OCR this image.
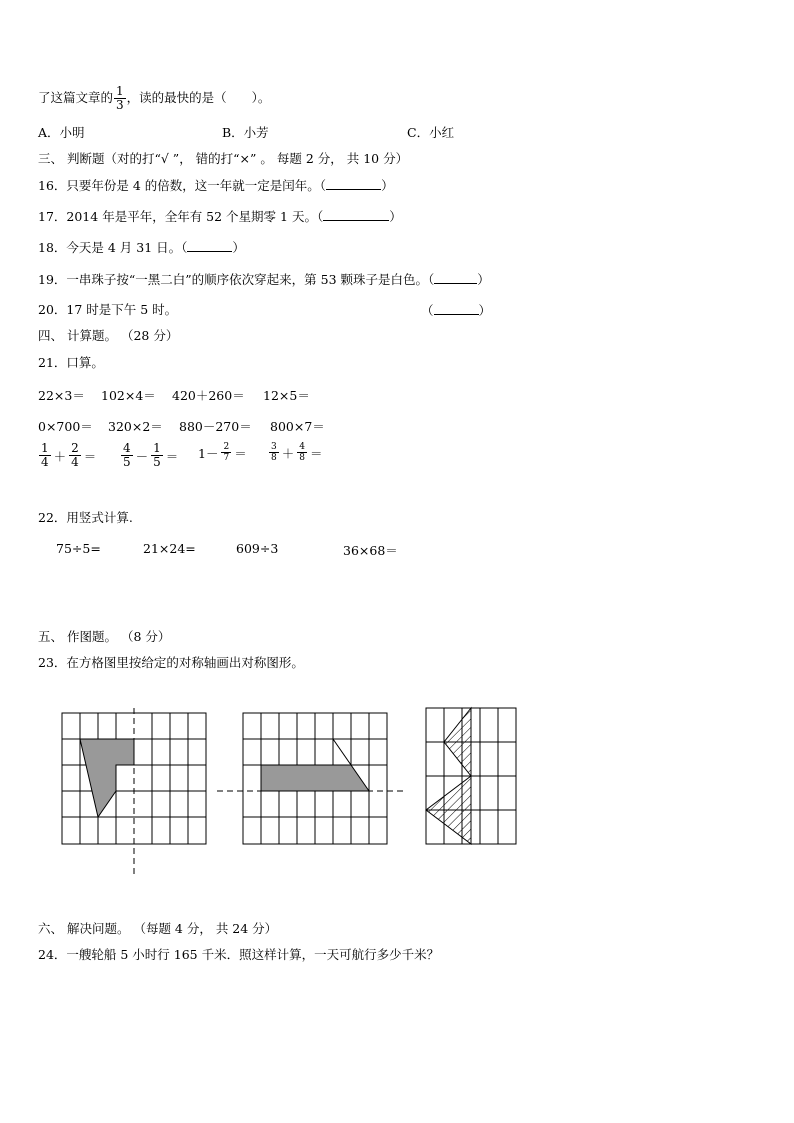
了这篇文章的 $\frac{1}{3}$ ，读的最快的是（　　）。
A．小明	B．小芳	C．小红
三、 判断题（对的打“√ ”， 错的打“×” 。 每题 2 分， 共 10 分）
16．只要年份是 4 的倍数，这一年就一定是闰年。（	）
17．2014 年是平年，全年有 52 个星期零 1 天。（	）
18．今天是 4 月 31 日。（	）
19．一串珠子按“一黑二白”的顺序依次穿起来，第 53 颗珠子是白色。（	）
20．17 时是下午 5 时。	（	）
四、 计算题。 （28 分）
21．口算。
22×3＝ 102×4＝ 420＋260＝ 12×5＝
0×700＝ 320×2＝ 880－270＝ 800×7＝
$\frac{1}{4} + \frac{2}{4} = \frac{4}{5} - \frac{1}{5} = 1- \frac{2}{7} = \frac{3}{8} + \frac{4}{8}$ ＝
22．用竖式计算.
75÷5=	21×24=	609÷3	36×68＝
五、 作图题。 （8 分）
23．在方格图里按给定的对称轴画出对称图形。
六、 解决问题。 （每题 4 分， 共 24 分）
24．一艘轮船 5 小时行 165 千米．照这样计算，一天可航行多少千米？
